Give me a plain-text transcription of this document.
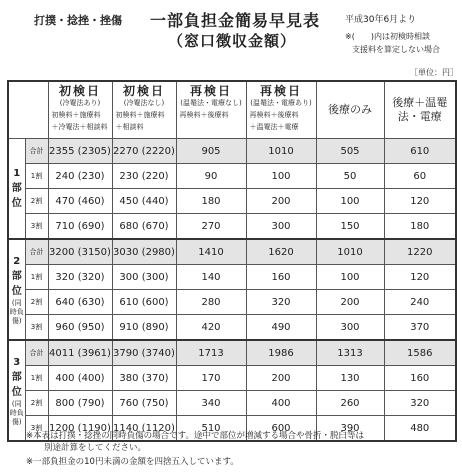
打撲・捻挫・挫傷 一部負担金簡易早見表
（窓口徴収金額）
平成30年6月より
※(　　)内は初検時相談
支援料を算定しない場合
［単位：円］

		初検日
(冷罨法あり)
初検料＋施療料
＋冷罨法＋相談料	初検日
(冷罨法なし)
初検料＋施療料
＋相談料	再検日
(温罨法・電療なし)
再検料＋後療料	再検日
(温罨法・電療あり)
再検料＋後療料
＋温罨法＋電療	後療のみ	後療＋温罨法・電療

1
部
位	合計	2355 (2305)	2270 (2220)	905	1010	505	610
	1割	240 (230)	230 (220)	90	100	50	60
	2割	470 (460)	450 (440)	180	200	100	120
	3割	710 (690)	680 (670)	270	300	150	180

2
部
位
(同時負傷)	合計	3200 (3150)	3030 (2980)	1410	1620	1010	1220
	1割	320 (320)	300 (300)	140	160	100	120
	2割	640 (630)	610 (600)	280	320	200	240
	3割	960 (950)	910 (890)	420	490	300	370

3
部
位
(同時負傷)	合計	4011 (3961)	3790 (3740)	1713	1986	1313	1586
	1割	400 (400)	380 (370)	170	200	130	160
	2割	800 (790)	760 (750)	340	400	260	320
	3割	1200 (1190)	1140 (1120)	510	600	390	480
※本表は打撲・捻挫の同時負傷の場合です。途中で部位が増減する場合や骨折・脱臼等は
別途計算をしてください。
※一部負担金の10円未満の金額を四捨五入しています。
